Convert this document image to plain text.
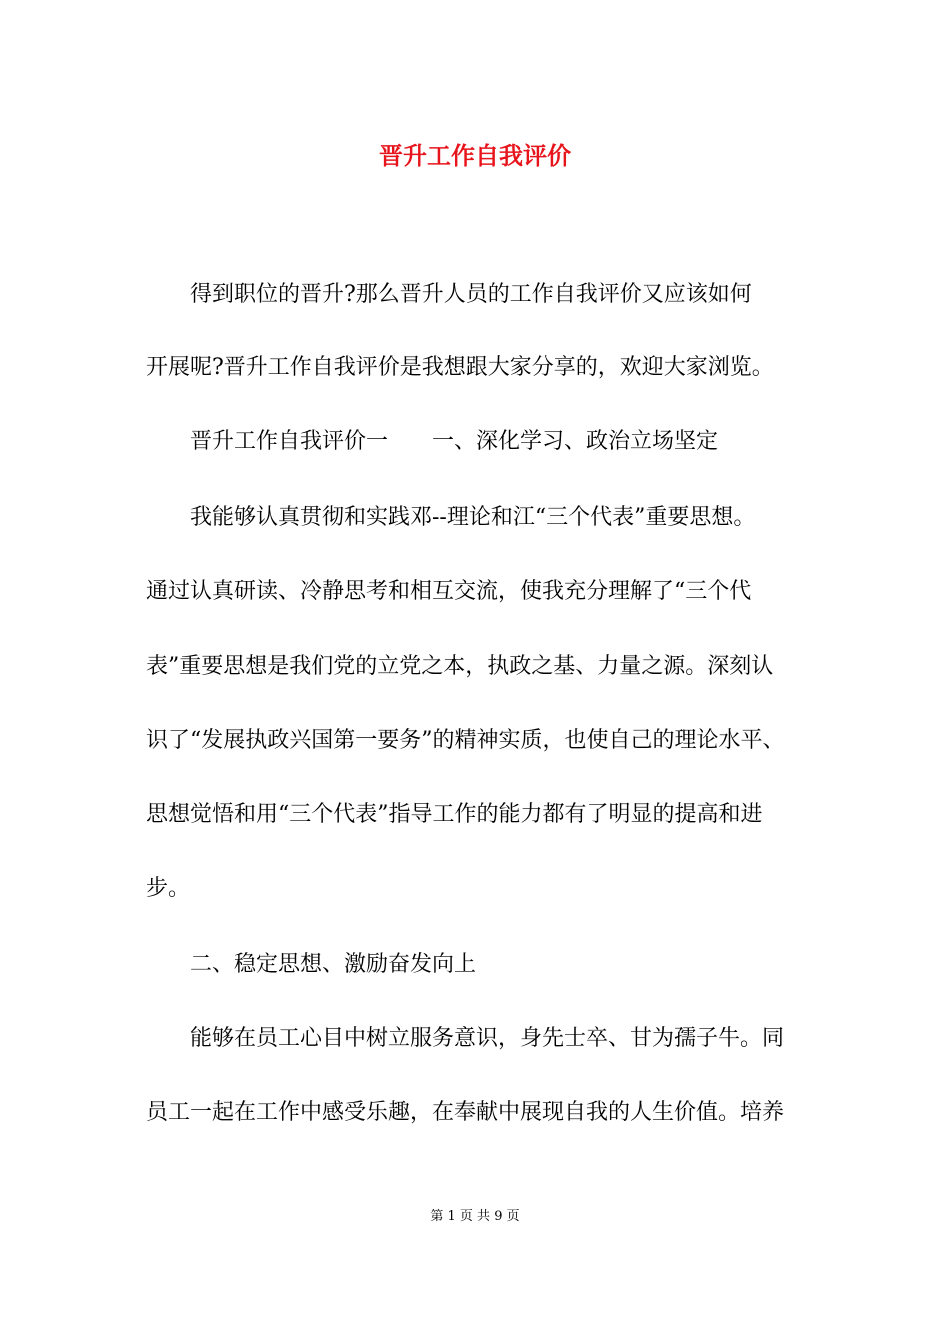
晋升工作自我评价
　　得到职位的晋升?那么晋升人员的工作自我评价又应该如何
开展呢?晋升工作自我评价是我想跟大家分享的，欢迎大家浏览。
　　晋升工作自我评价一　　一、深化学习、政治立场坚定
　　我能够认真贯彻和实践邓--理论和江“三个代表”重要思想。
通过认真研读、冷静思考和相互交流，使我充分理解了“三个代
表”重要思想是我们党的立党之本，执政之基、力量之源。深刻认
识了“发展执政兴国第一要务”的精神实质，也使自己的理论水平、
思想觉悟和用“三个代表”指导工作的能力都有了明显的提高和进
步。
　　二、稳定思想、激励奋发向上
　　能够在员工心目中树立服务意识，身先士卒、甘为孺子牛。同
员工一起在工作中感受乐趣，在奉献中展现自我的人生价值。培养
第 1 页 共 9 页
